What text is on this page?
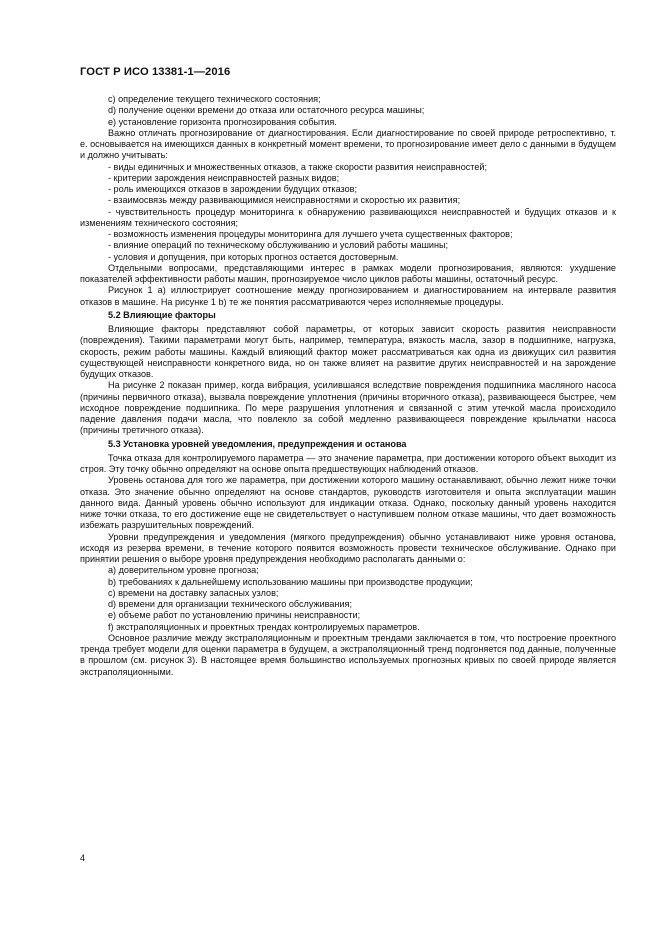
ГОСТ Р ИСО 13381-1—2016

c) определение текущего технического состояния;

d) получение оценки времени до отказа или остаточного ресурса машины;

e) установление горизонта прогнозирования события.

Важно отличать прогнозирование от диагностирования. Если диагностирование по своей природе ретроспективно, т. е. основывается на имеющихся данных в конкретный момент времени, то прогнозирование имеет дело с данными в будущем и должно учитывать:

- виды единичных и множественных отказов, а также скорости развития неисправностей;

- критерии зарождения неисправностей разных видов;

- роль имеющихся отказов в зарождении будущих отказов;

- взаимосвязь между развивающимися неисправностями и скоростью их развития;

- чувствительность процедур мониторинга к обнаружению развивающихся неисправностей и будущих отказов и к изменениям технического состояния;

- возможность изменения процедуры мониторинга для лучшего учета существенных факторов;

- влияние операций по техническому обслуживанию и условий работы машины;

- условия и допущения, при которых прогноз остается достоверным.

Отдельными вопросами, представляющими интерес в рамках модели прогнозирования, являются: ухудшение показателей эффективности работы машин, прогнозируемое число циклов работы машины, остаточный ресурс.

Рисунок 1 a) иллюстрирует соотношение между прогнозированием и диагностированием на интервале развития отказов в машине. На рисунке 1 b) те же понятия рассматриваются через исполняемые процедуры.

5.2 Влияющие факторы

Влияющие факторы представляют собой параметры, от которых зависит скорость развития неисправности (повреждения). Такими параметрами могут быть, например, температура, вязкость масла, зазор в подшипнике, нагрузка, скорость, режим работы машины. Каждый влияющий фактор может рассматриваться как одна из движущих сил развития существующей неисправности конкретного вида, но он также влияет на развитие других неисправностей и на зарождение будущих отказов.

На рисунке 2 показан пример, когда вибрация, усилившаяся вследствие повреждения подшипника масляного насоса (причины первичного отказа), вызвала повреждение уплотнения (причины вторичного отказа), развивающееся быстрее, чем исходное повреждение подшипника. По мере разрушения уплотнения и связанной с этим утечкой масла происходило падение давления подачи масла, что повлекло за собой медленно развивающееся повреждение крыльчатки насоса (причины третичного отказа).

5.3 Установка уровней уведомления, предупреждения и останова

Точка отказа для контролируемого параметра — это значение параметра, при достижении которого объект выходит из строя. Эту точку обычно определяют на основе опыта предшествующих наблюдений отказов.

Уровень останова для того же параметра, при достижении которого машину останавливают, обычно лежит ниже точки отказа. Это значение обычно определяют на основе стандартов, руководств изготовителя и опыта эксплуатации машин данного вида. Данный уровень обычно используют для индикации отказа. Однако, поскольку данный уровень находится ниже точки отказа, то его достижение еще не свидетельствует о наступившем полном отказе машины, что дает возможность избежать разрушительных повреждений.

Уровни предупреждения и уведомления (мягкого предупреждения) обычно устанавливают ниже уровня останова, исходя из резерва времени, в течение которого появится возможность провести техническое обслуживание. Однако при принятии решения о выборе уровня предупреждения необходимо располагать данными о:

a) доверительном уровне прогноза;

b) требованиях к дальнейшему использованию машины при производстве продукции;

c) времени на доставку запасных узлов;

d) времени для организации технического обслуживания;

e) объеме работ по установлению причины неисправности;

f) экстраполяционных и проектных трендах контролируемых параметров.

Основное различие между экстраполяционным и проектным трендами заключается в том, что построение проектного тренда требует модели для оценки параметра в будущем, а экстраполяционный тренд подгоняется под данные, полученные в прошлом (см. рисунок 3). В настоящее время большинство используемых прогнозных кривых по своей природе является экстраполяционными.

4
